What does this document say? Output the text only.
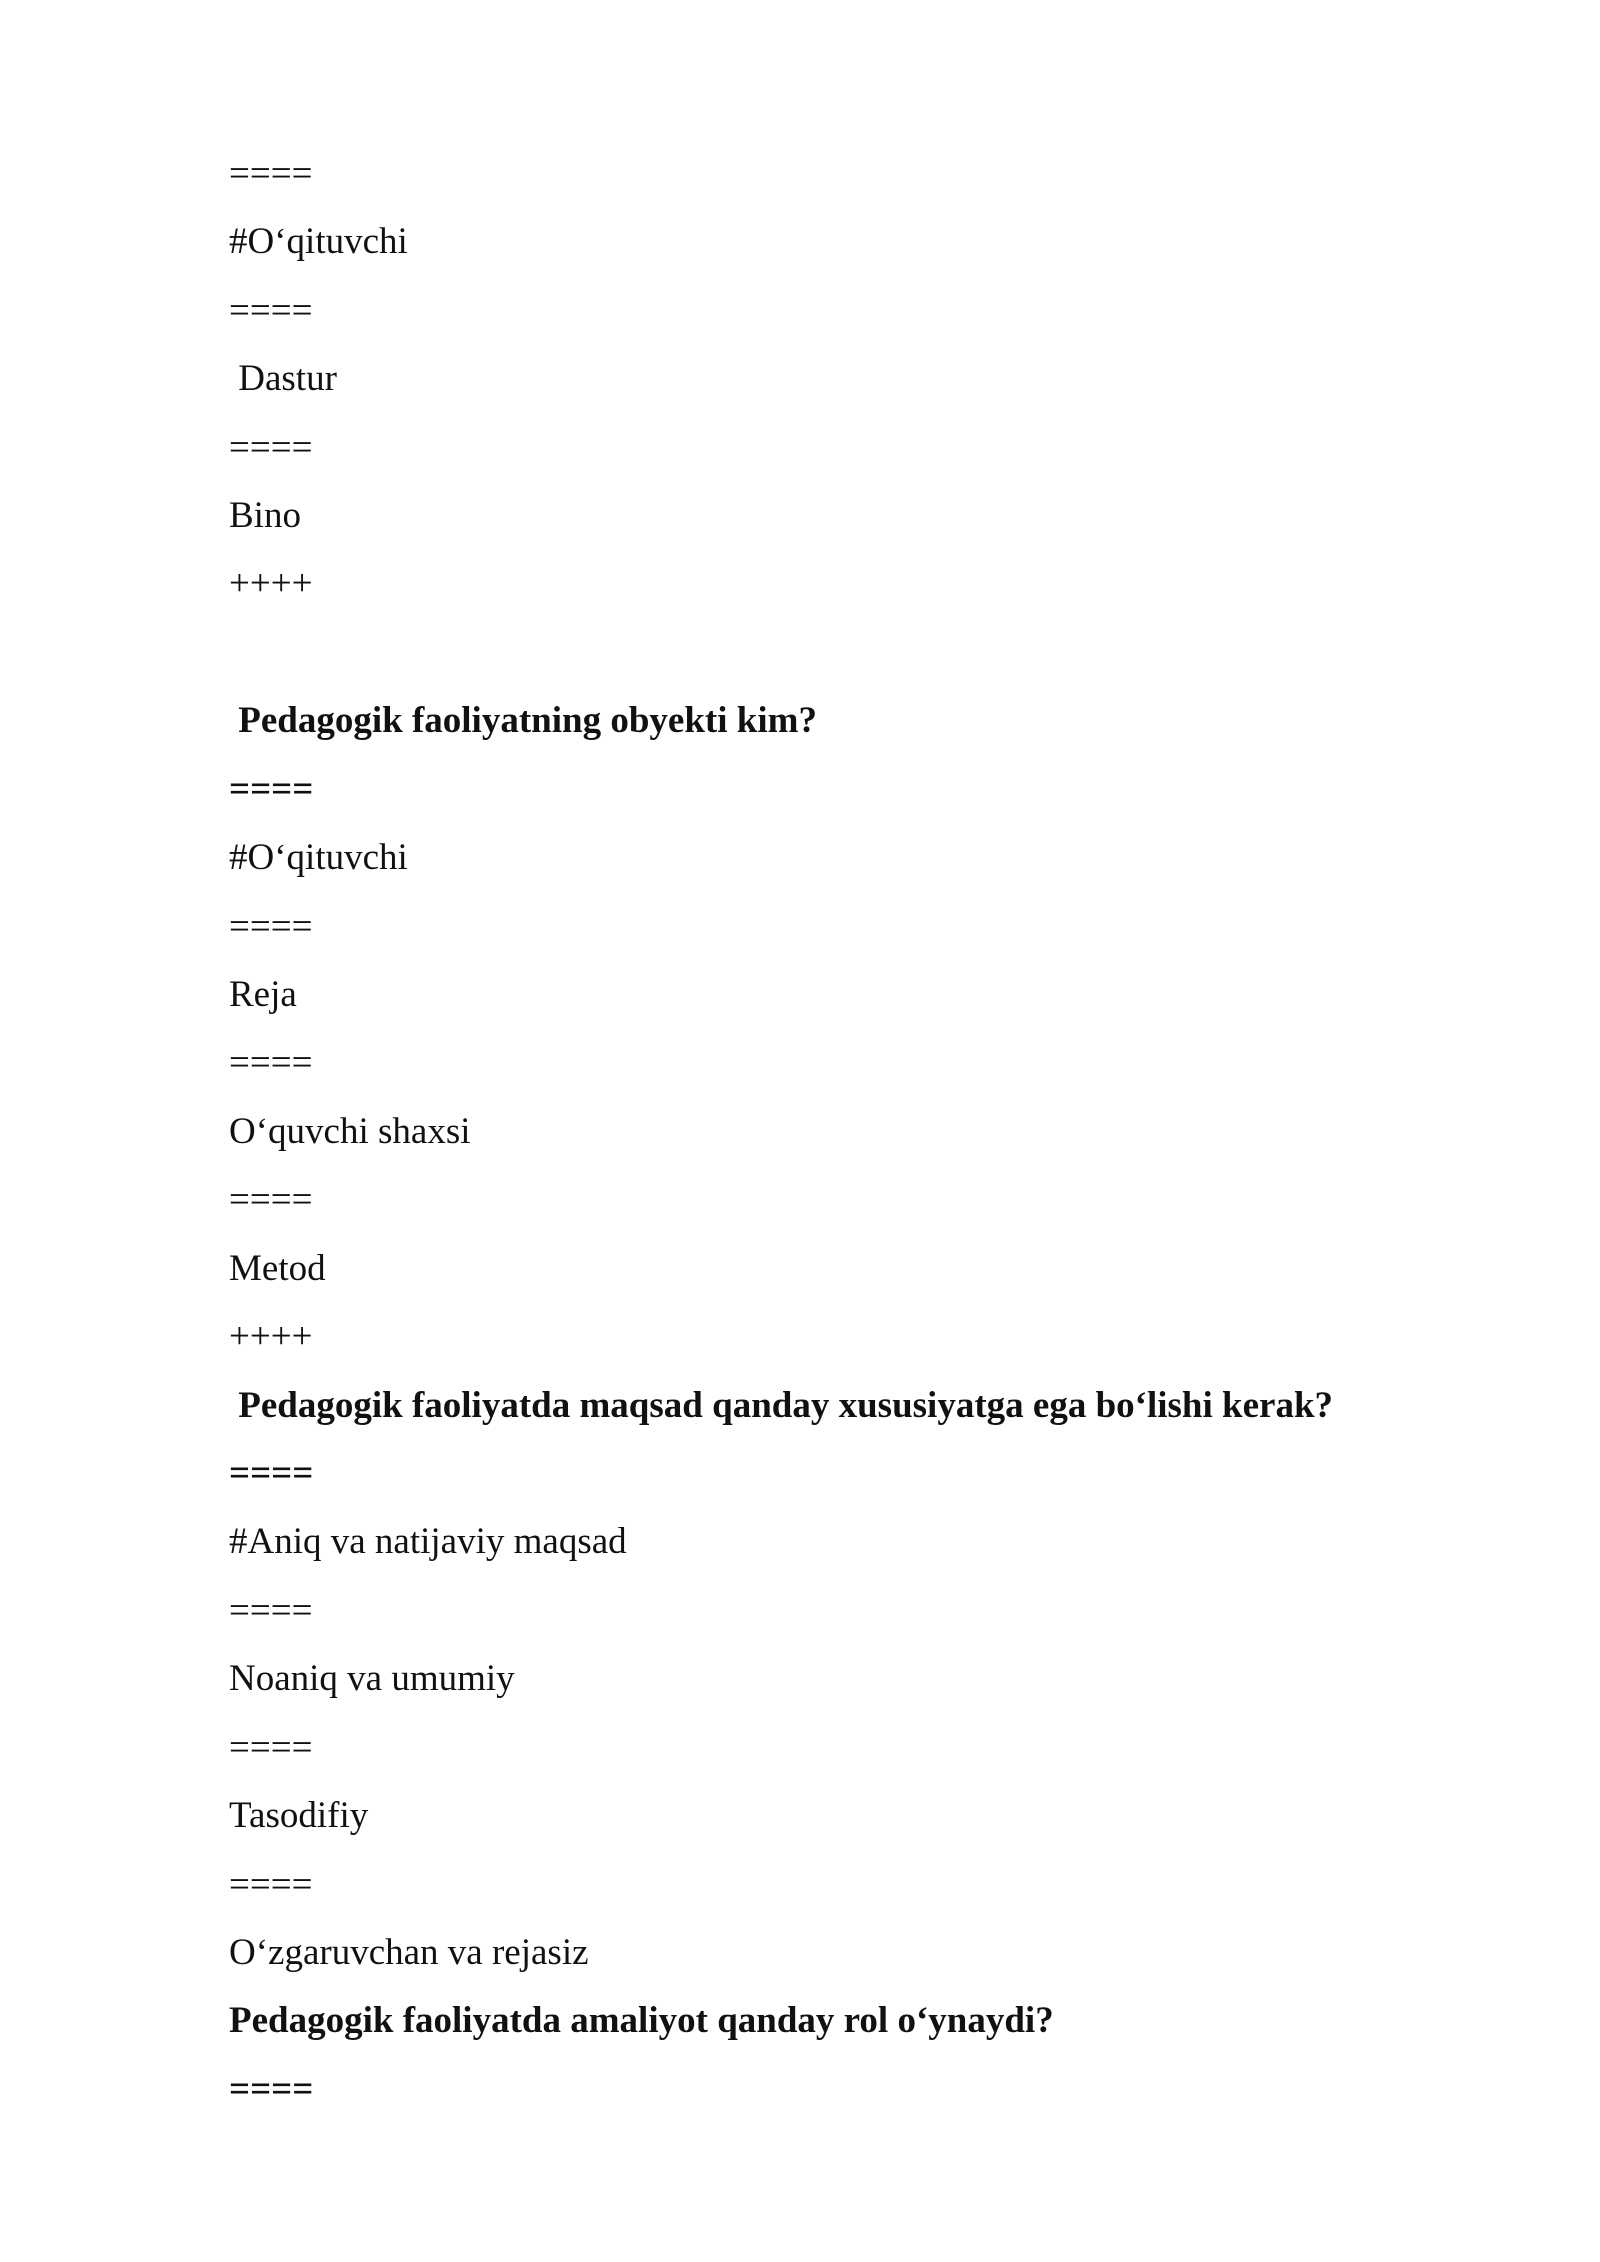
====
#O‘qituvchi
====
Dastur
====
Bino
++++
Pedagogik faoliyatning obyekti kim?
====
#O‘qituvchi
====
Reja
====
O‘quvchi shaxsi
====
Metod
++++
Pedagogik faoliyatda maqsad qanday xususiyatga ega bo‘lishi kerak?
====
#Aniq va natijaviy maqsad
====
Noaniq va umumiy
====
Tasodifiy
====
O‘zgaruvchan va rejasiz
Pedagogik faoliyatda amaliyot qanday rol o‘ynaydi?
====
